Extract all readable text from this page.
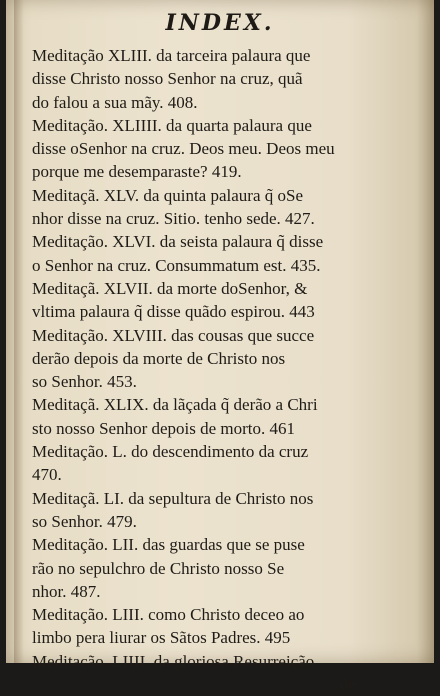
INDEX.
Meditação XLIII. da tarceira palaura que
disse Christo nosso Senhor na cruz, quã
do falou a sua mãy. 408.
Meditação. XLIIII. da quarta palaura que
disse oSenhor na cruz. Deos meu. Deos meu
porque me desemparaste? 419.
Meditaçã. XLV. da quinta palaura q̃ oSe
nhor disse na cruz. Sitio. tenho sede. 427.
Meditação. XLVI. da seista palaura q̃ disse
o Senhor na cruz. Consummatum est. 435.
Meditaçã. XLVII. da morte doSenhor, &
vltima palaura q̃ disse quãdo espirou. 443
Meditação. XLVIII. das cousas que succe
derão depois da morte de Christo nos
so Senhor. 453.
Meditaçã. XLIX. da lãçada q̃ derão a Chri
sto nosso Senhor depois de morto. 461
Meditação. L. do descendimento da cruz
470.
Meditaçã. LI. da sepultura de Christo nos
so Senhor. 479.
Meditação. LII. das guardas que se puse
rão no sepulchro de Christo nosso Se
nhor. 487.
Meditação. LIII. como Christo deceo ao
limbo pera liurar os Sãtos Padres. 495
Meditação. LIIII. da gloriosa Resurreição
de
